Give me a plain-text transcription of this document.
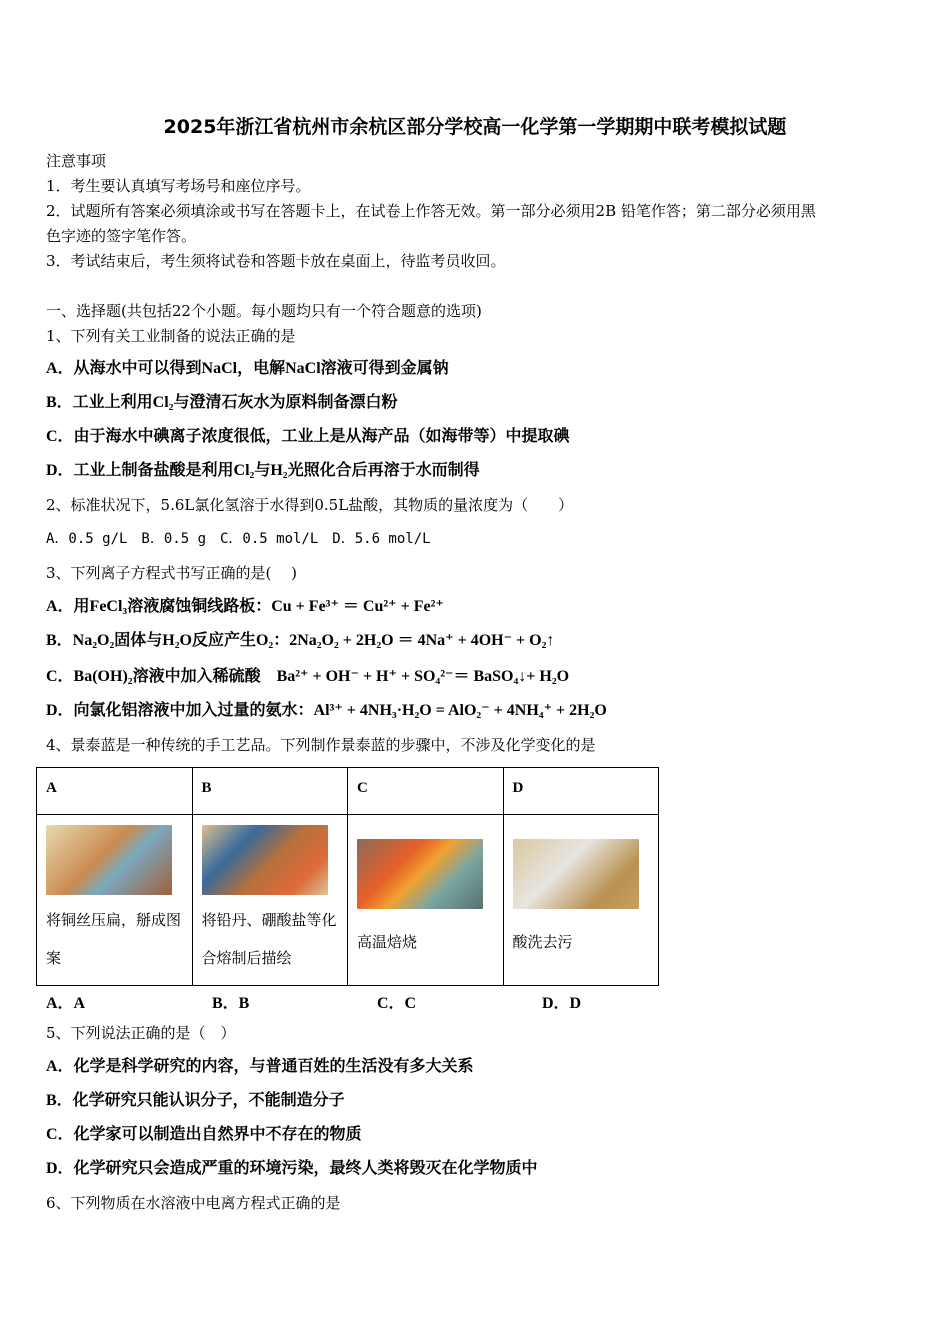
2025年浙江省杭州市余杭区部分学校高一化学第一学期期中联考模拟试题
注意事项
1．考生要认真填写考场号和座位序号。
2．试题所有答案必须填涂或书写在答题卡上，在试卷上作答无效。第一部分必须用2B 铅笔作答；第二部分必须用黑
色字迹的签字笔作答。
3．考试结束后，考生须将试卷和答题卡放在桌面上，待监考员收回。
一、选择题(共包括22个小题。每小题均只有一个符合题意的选项)
1、下列有关工业制备的说法正确的是
A．从海水中可以得到NaCl，电解NaCl溶液可得到金属钠
B．工业上利用Cl₂与澄清石灰水为原料制备漂白粉
C．由于海水中碘离子浓度很低，工业上是从海产品（如海带等）中提取碘
D．工业上制备盐酸是利用Cl₂与H₂光照化合后再溶于水而制得
2、标准状况下，5.6L氯化氢溶于水得到0.5L盐酸，其物质的量浓度为（　　）
A．0.5 g/L　B．0.5 g　C．0.5 mol/L　D．5.6 mol/L
3、下列离子方程式书写正确的是(　 )
A．用FeCl₃溶液腐蚀铜线路板：Cu + Fe³⁺ ＝ Cu²⁺ + Fe²⁺
B．Na₂O₂固体与H₂O反应产生O₂：2Na₂O₂ + 2H₂O ＝ 4Na⁺ + 4OH⁻ + O₂↑
C．Ba(OH)₂溶液中加入稀硫酸　Ba²⁺ + OH⁻ + H⁺ + SO₄²⁻＝ BaSO₄↓+ H₂O
D．向氯化铝溶液中加入过量的氨水：Al³⁺ + 4NH₃·H₂O = AlO₂⁻ + 4NH₄⁺ + 2H₂O
4、景泰蓝是一种传统的手工艺品。下列制作景泰蓝的步骤中，不涉及化学变化的是
A	B	C	D

将铜丝压扁，掰成图案	将铅丹、硼酸盐等化合熔制后描绘	高温焙烧	酸洗去污
A．A	B．B	C．C	D．D
5、下列说法正确的是（　）
A．化学是科学研究的内容，与普通百姓的生活没有多大关系
B．化学研究只能认识分子，不能制造分子
C．化学家可以制造出自然界中不存在的物质
D．化学研究只会造成严重的环境污染，最终人类将毁灭在化学物质中
6、下列物质在水溶液中电离方程式正确的是
